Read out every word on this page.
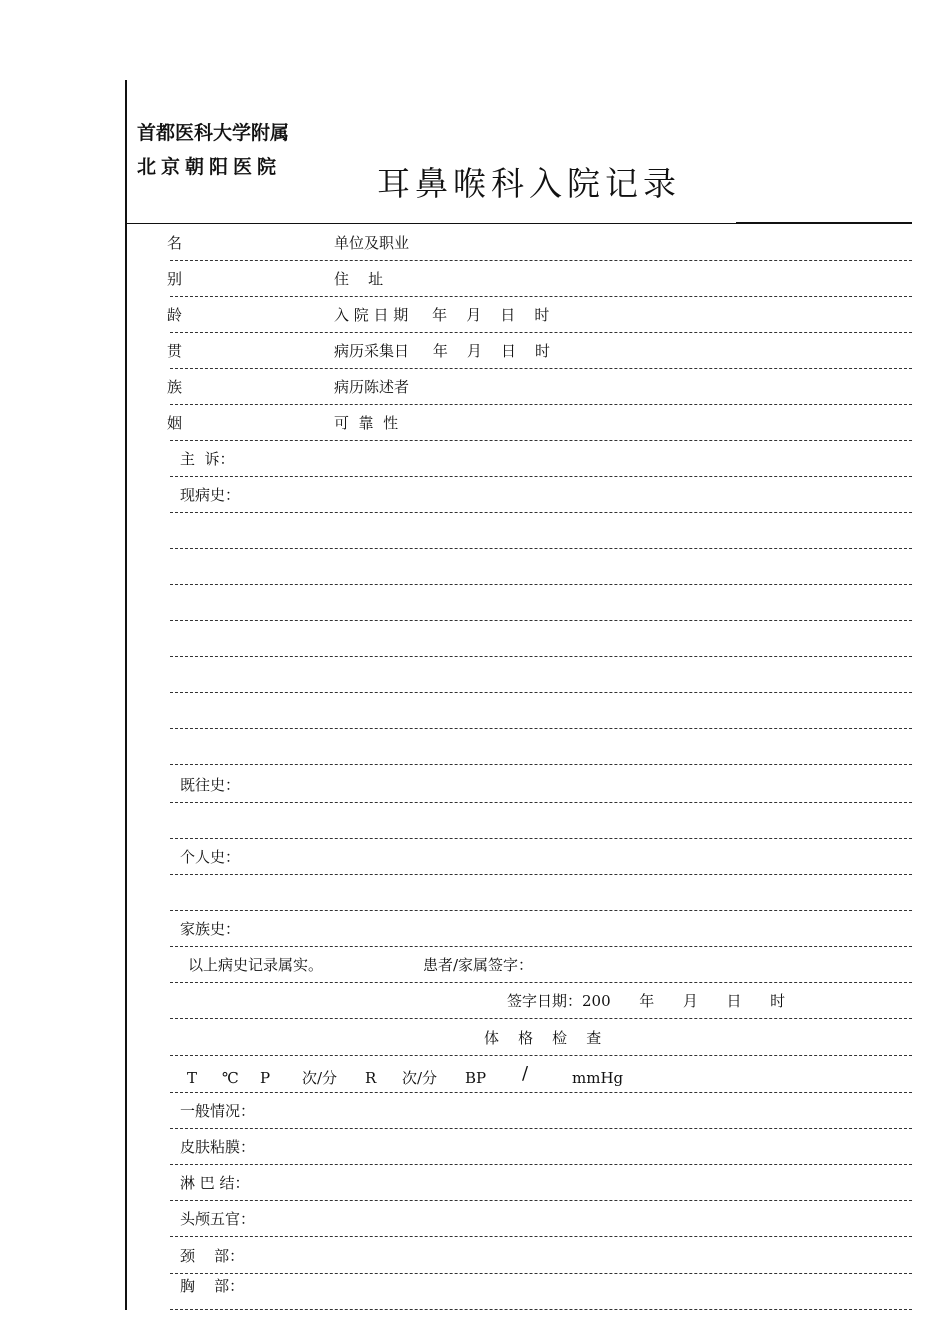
首都医科大学附属
北京朝阳医院	耳鼻喉科入院记录
名	单位及职业
别	住    址
龄	入 院 日 期     年    月    日    时
贯	病历采集日     年    月    日    时
族	病历陈述者
姻	可  靠  性
主  诉：
现病史：
既往史：
个人史：
家族史：
以上病史记录属实。	患者/家属签字：
签字日期：200      年      月      日      时
体    格    检    查
T ℃ P 次/分 R 次/分 BP /	mmHg
一般情况：
皮肤粘膜：
淋 巴 结：
头颅五官：
颈    部：
胸    部：
